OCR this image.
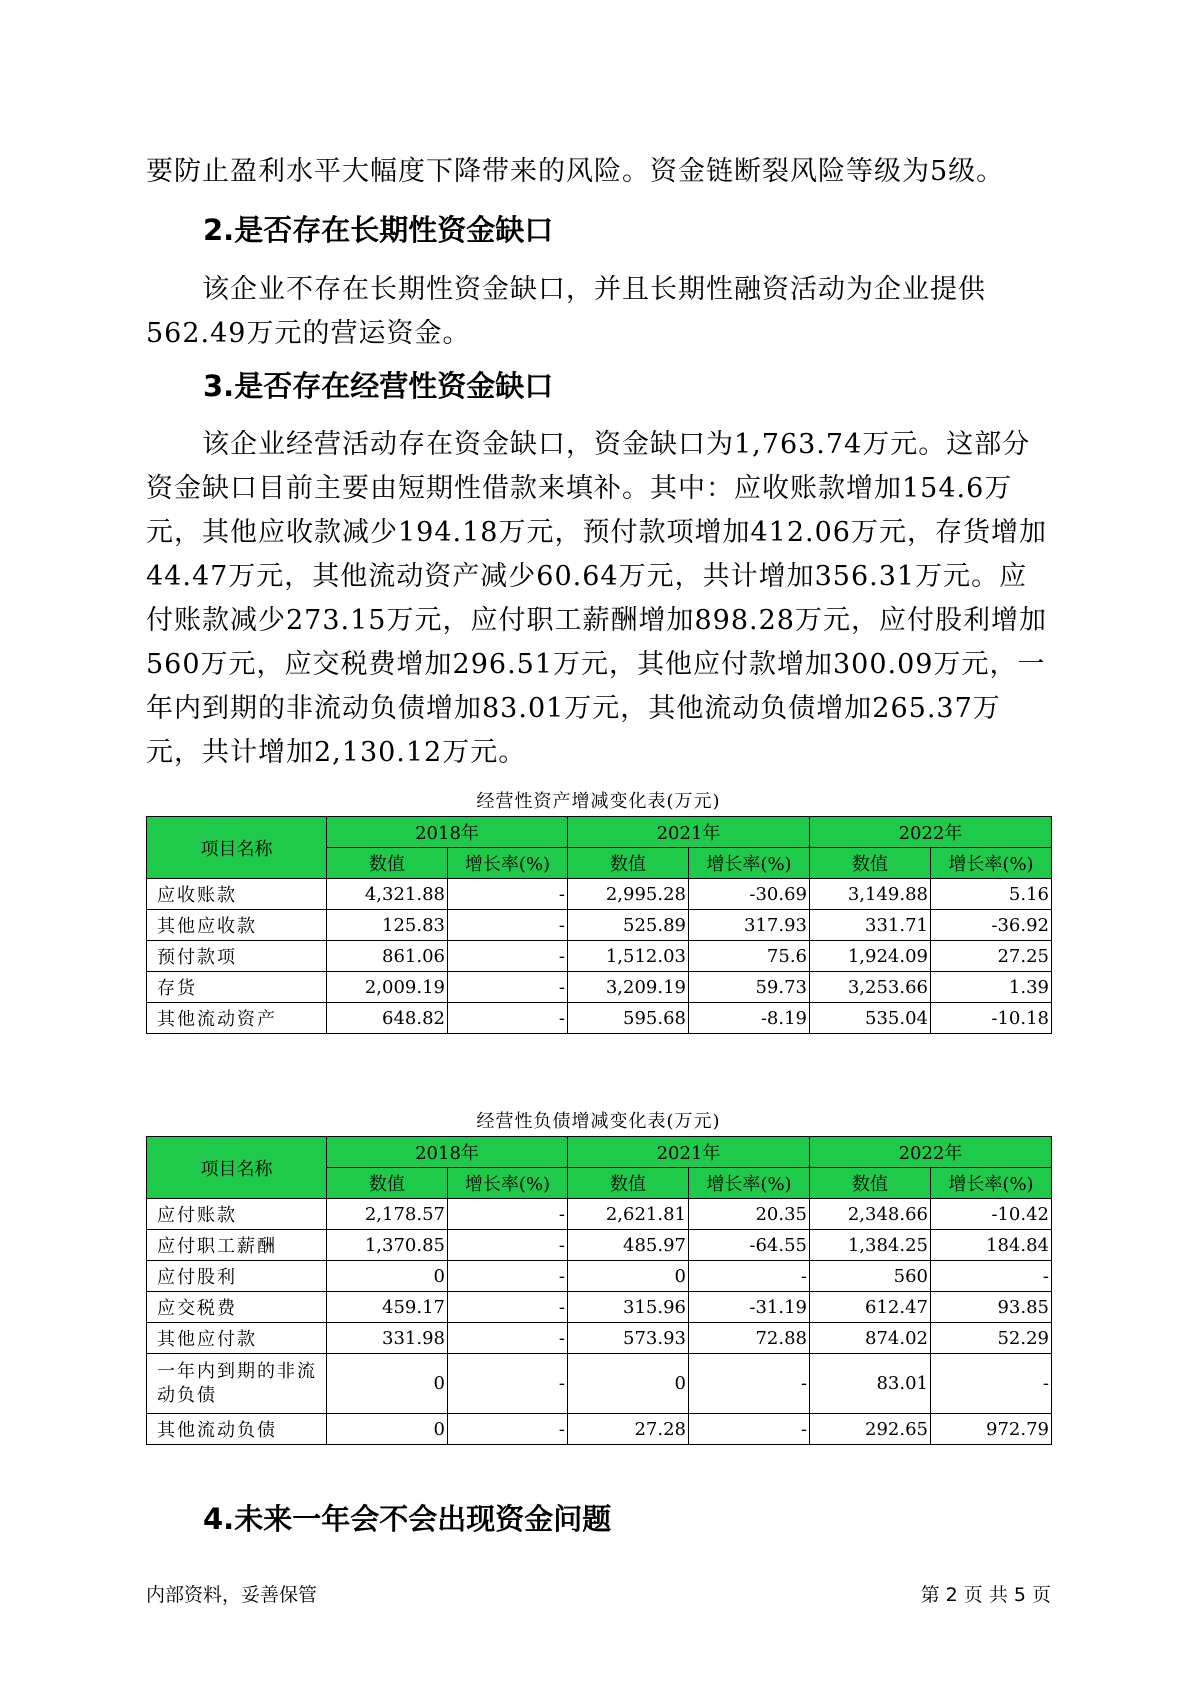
要防止盈利水平大幅度下降带来的风险。资金链断裂风险等级为5级。

2.是否存在长期性资金缺口

该企业不存在长期性资金缺口，并且长期性融资活动为企业提供562.49万元的营运资金。

3.是否存在经营性资金缺口

该企业经营活动存在资金缺口，资金缺口为1,763.74万元。这部分资金缺口目前主要由短期性借款来填补。其中：应收账款增加154.6万元，其他应收款减少194.18万元，预付款项增加412.06万元，存货增加44.47万元，其他流动资产减少60.64万元，共计增加356.31万元。应付账款减少273.15万元，应付职工薪酬增加898.28万元，应付股利增加560万元，应交税费增加296.51万元，其他应付款增加300.09万元，一年内到期的非流动负债增加83.01万元，其他流动负债增加265.37万元，共计增加2,130.12万元。

经营性资产增减变化表(万元)

项目名称	2018年		2021年		2022年	
	数值	增长率(%)	数值	增长率(%)	数值	增长率(%)
应收账款	4,321.88	-	2,995.28	-30.69	3,149.88	5.16
其他应收款	125.83	-	525.89	317.93	331.71	-36.92
预付款项	861.06	-	1,512.03	75.6	1,924.09	27.25
存货	2,009.19	-	3,209.19	59.73	3,253.66	1.39
其他流动资产	648.82	-	595.68	-8.19	535.04	-10.18

经营性负债增减变化表(万元)

项目名称	2018年		2021年		2022年	
	数值	增长率(%)	数值	增长率(%)	数值	增长率(%)
应付账款	2,178.57	-	2,621.81	20.35	2,348.66	-10.42
应付职工薪酬	1,370.85	-	485.97	-64.55	1,384.25	184.84
应付股利	0	-	0	-	560	-
应交税费	459.17	-	315.96	-31.19	612.47	93.85
其他应付款	331.98	-	573.93	72.88	874.02	52.29
一年内到期的非流动负债	0	-	0	-	83.01	-
其他流动负债	0	-	27.28	-	292.65	972.79

4.未来一年会不会出现资金问题

内部资料，妥善保管	第 2 页 共 5 页
